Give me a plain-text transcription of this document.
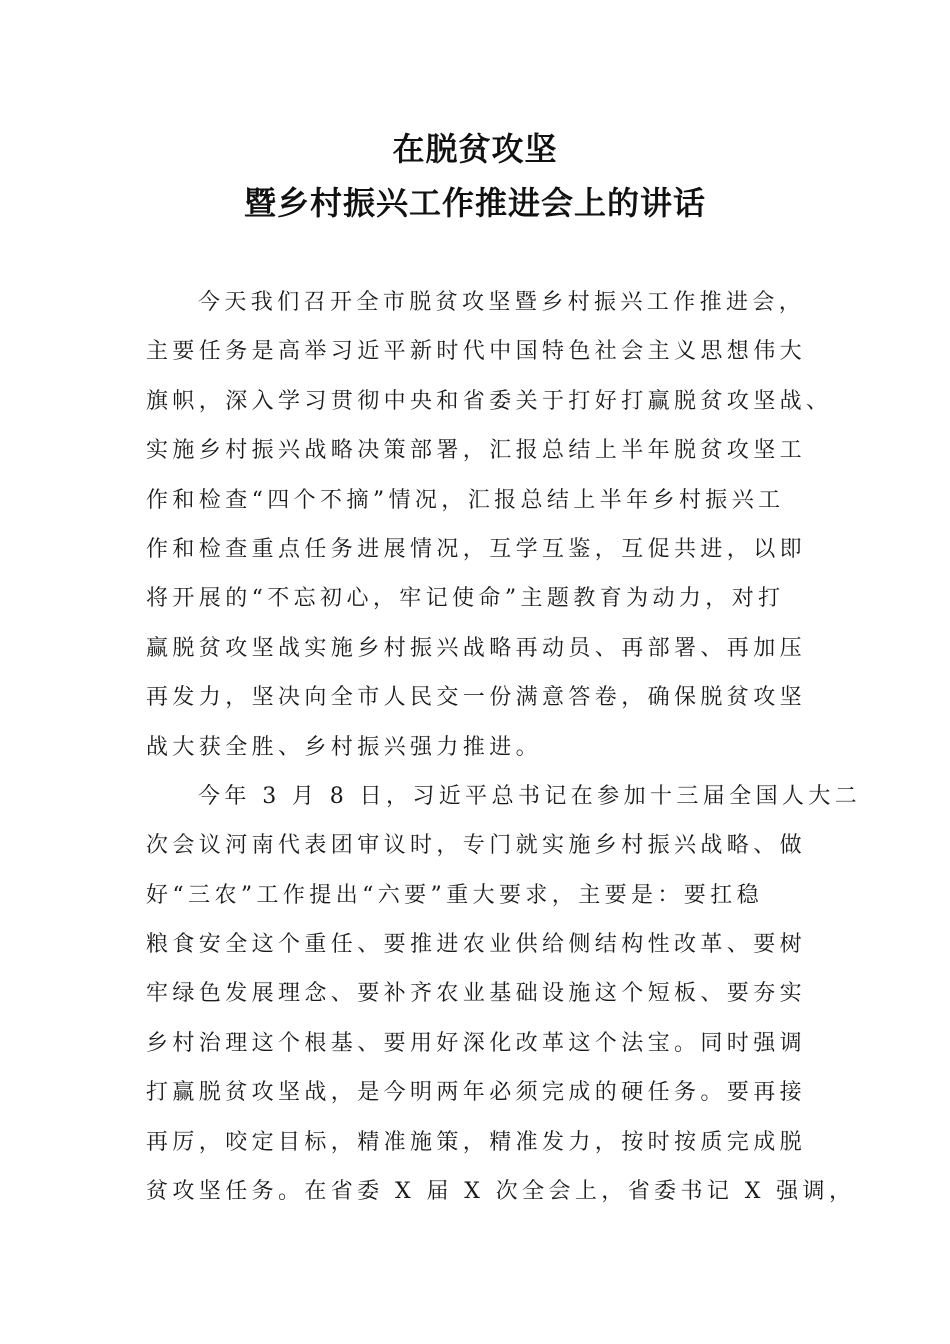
在脱贫攻坚
暨乡村振兴工作推进会上的讲话
今天我们召开全市脱贫攻坚暨乡村振兴工作推进会，
主要任务是高举习近平新时代中国特色社会主义思想伟大
旗帜，深入学习贯彻中央和省委关于打好打赢脱贫攻坚战、
实施乡村振兴战略决策部署，汇报总结上半年脱贫攻坚工
作和检查“四个不摘”情况，汇报总结上半年乡村振兴工
作和检查重点任务进展情况，互学互鉴，互促共进，以即
将开展的“不忘初心，牢记使命”主题教育为动力，对打
赢脱贫攻坚战实施乡村振兴战略再动员、再部署、再加压
再发力，坚决向全市人民交一份满意答卷，确保脱贫攻坚
战大获全胜、乡村振兴强力推进。
今年 3 月 8 日，习近平总书记在参加十三届全国人大二
次会议河南代表团审议时，专门就实施乡村振兴战略、做
好“三农”工作提出“六要”重大要求，主要是：要扛稳
粮食安全这个重任、要推进农业供给侧结构性改革、要树
牢绿色发展理念、要补齐农业基础设施这个短板、要夯实
乡村治理这个根基、要用好深化改革这个法宝。同时强调
打赢脱贫攻坚战，是今明两年必须完成的硬任务。要再接
再厉，咬定目标，精准施策，精准发力，按时按质完成脱
贫攻坚任务。在省委 X 届 X 次全会上，省委书记 X 强调，
